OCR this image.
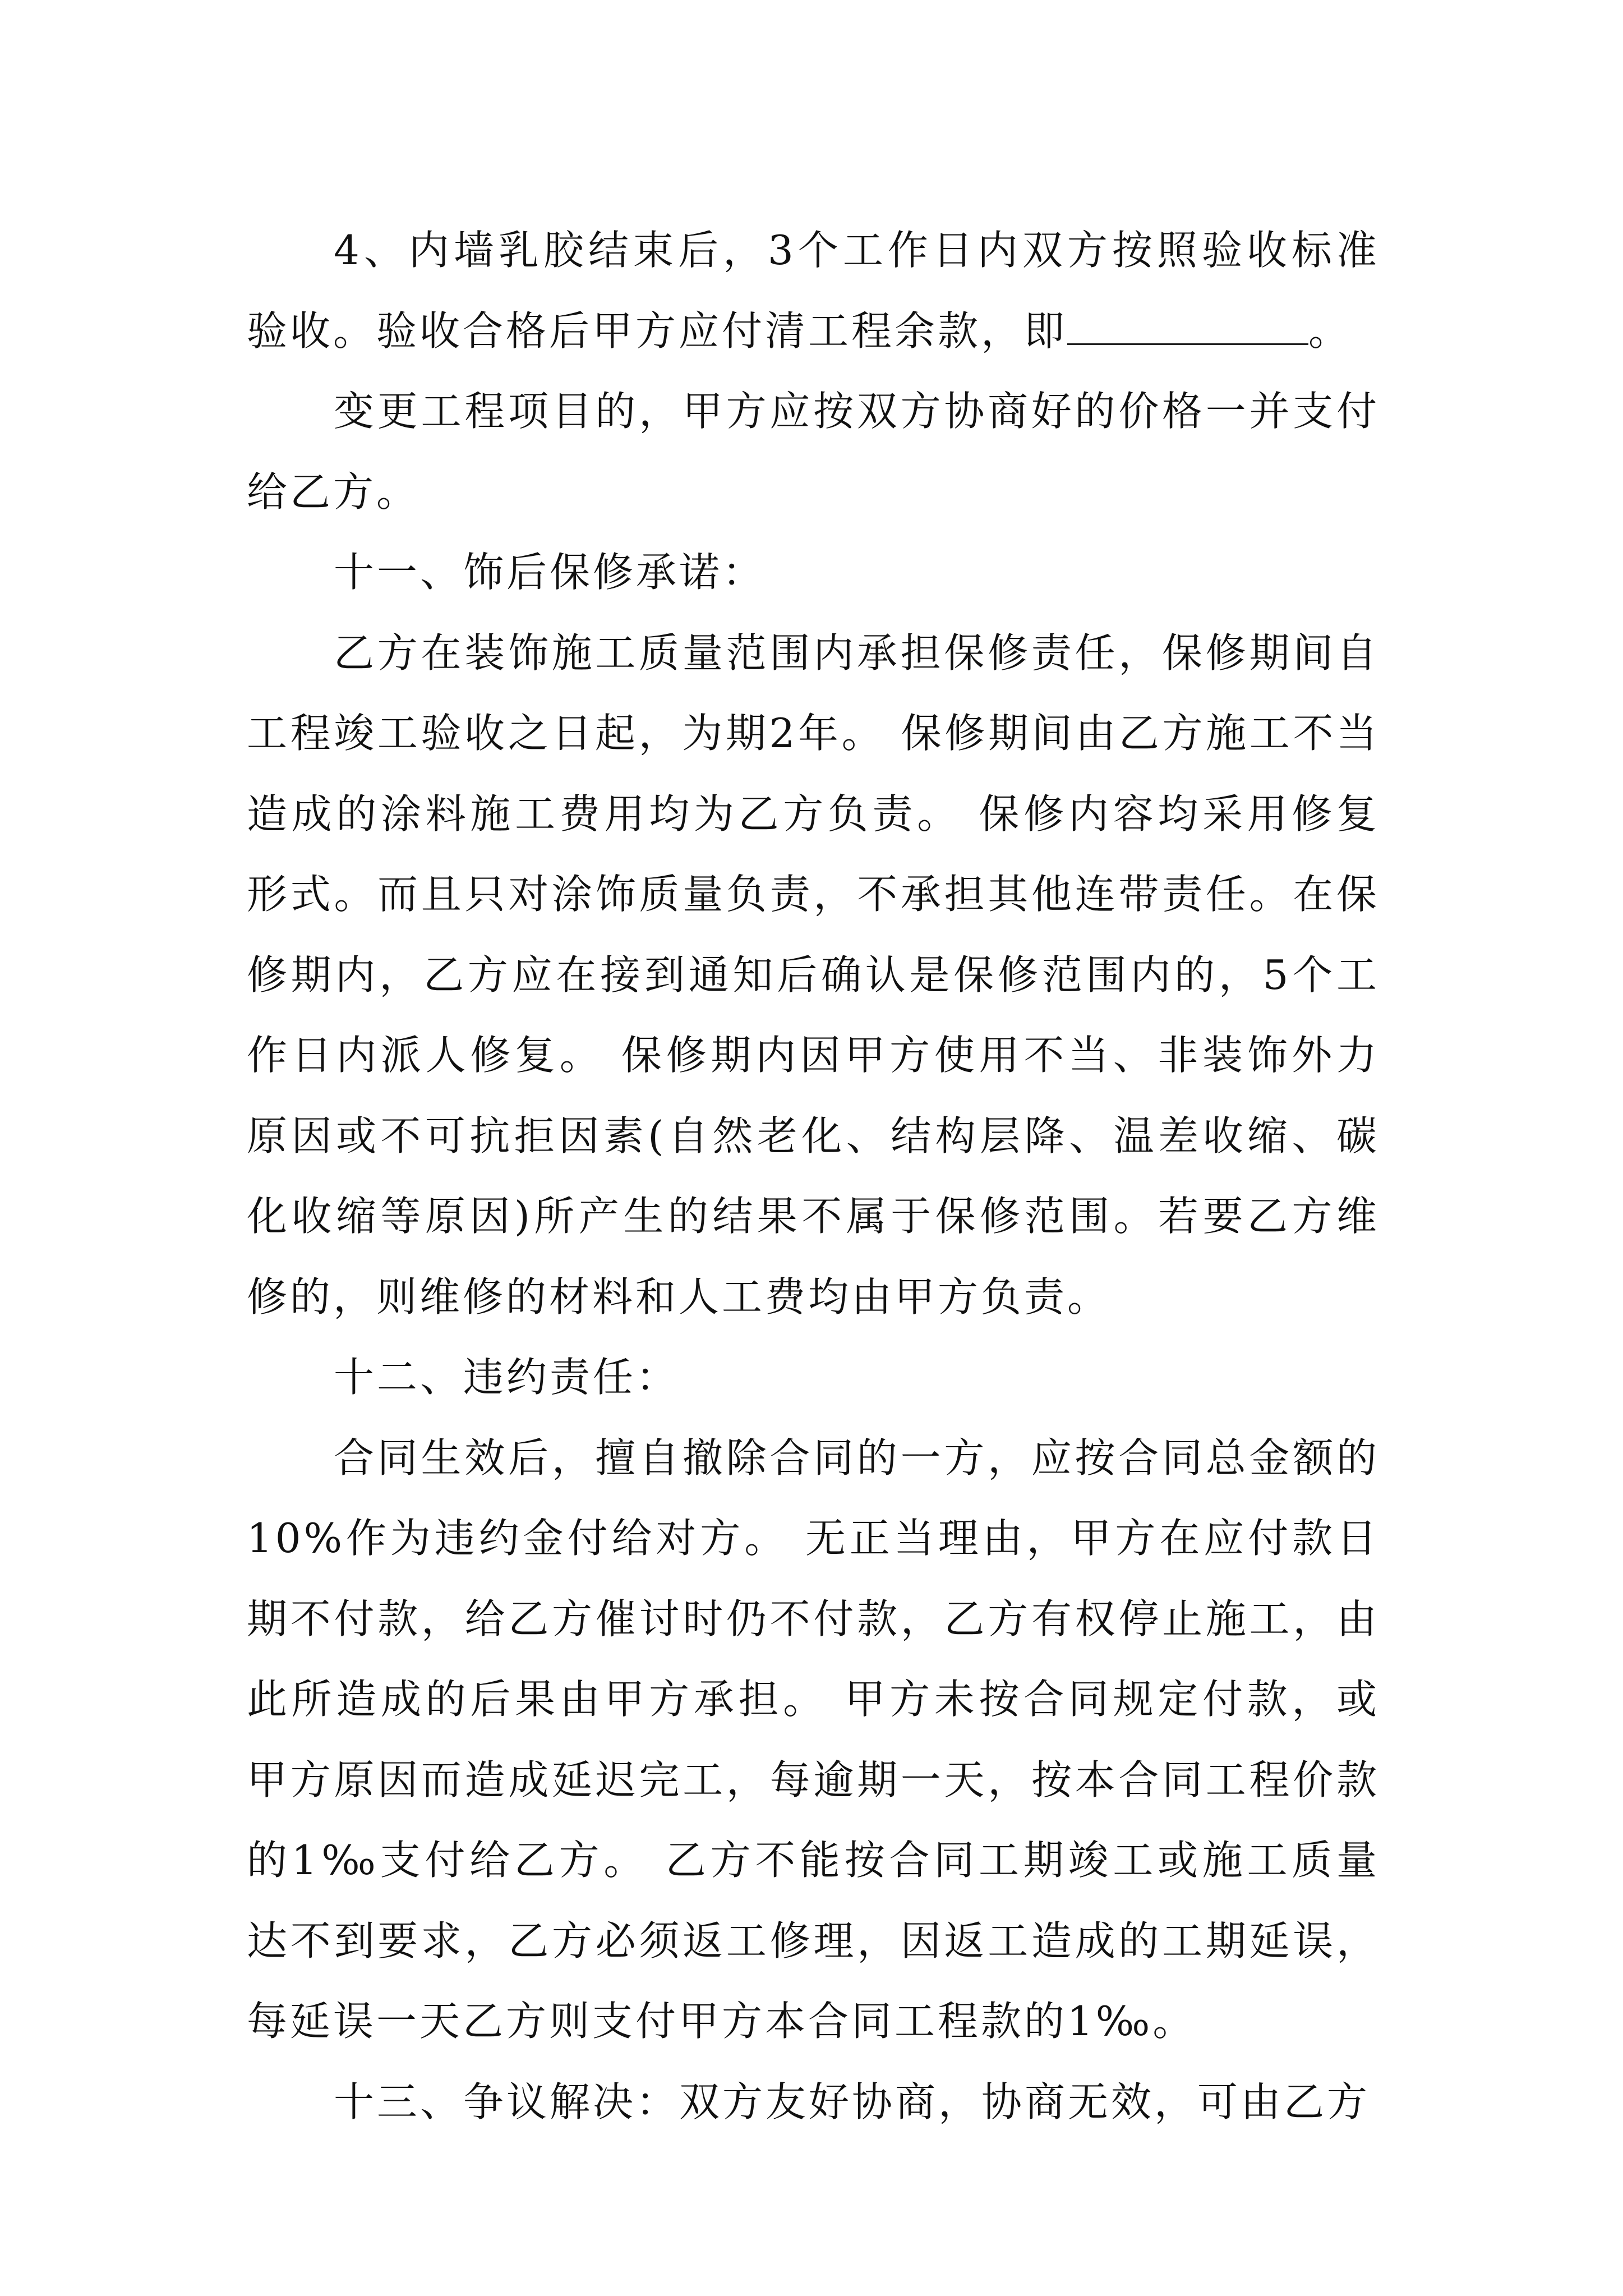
4、内墙乳胶结束后，3个工作日内双方按照验收标准验收。验收合格后甲方应付清工程余款，即	。

变更工程项目的，甲方应按双方协商好的价格一并支付给乙方。

十一、饰后保修承诺：

乙方在装饰施工质量范围内承担保修责任，保修期间自工程竣工验收之日起，为期2年。 保修期间由乙方施工不当造成的涂料施工费用均为乙方负责。 保修内容均采用修复形式。而且只对涂饰质量负责，不承担其他连带责任。在保修期内，乙方应在接到通知后确认是保修范围内的，5个工作日内派人修复。 保修期内因甲方使用不当、非装饰外力原因或不可抗拒因素(自然老化、结构层降、温差收缩、碳化收缩等原因)所产生的结果不属于保修范围。若要乙方维修的，则维修的材料和人工费均由甲方负责。

十二、违约责任：

合同生效后，擅自撤除合同的一方，应按合同总金额的10%作为违约金付给对方。 无正当理由，甲方在应付款日期不付款，给乙方催讨时仍不付款，乙方有权停止施工，由此所造成的后果由甲方承担。 甲方未按合同规定付款，或甲方原因而造成延迟完工，每逾期一天，按本合同工程价款的1‰支付给乙方。 乙方不能按合同工期竣工或施工质量达不到要求，乙方必须返工修理，因返工造成的工期延误，每延误一天乙方则支付甲方本合同工程款的1‰。

十三、争议解决：双方友好协商，协商无效，可由乙方
